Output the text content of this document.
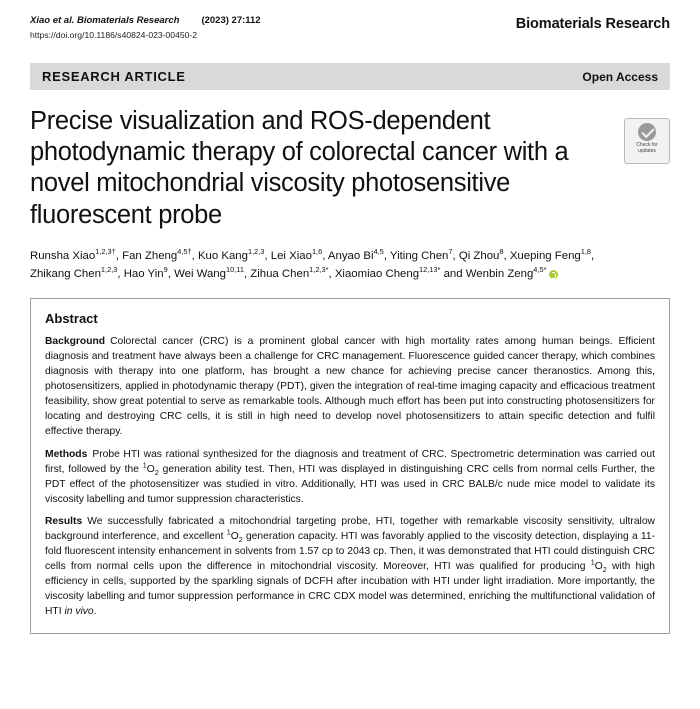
Xiao et al. Biomaterials Research (2023) 27:112
https://doi.org/10.1186/s40824-023-00450-2
Biomaterials Research
RESEARCH ARTICLE	Open Access
Precise visualization and ROS-dependent photodynamic therapy of colorectal cancer with a novel mitochondrial viscosity photosensitive fluorescent probe
Check for
updates
Runsha Xiao$^{1,2,3\dagger}$, Fan Zheng$^{4,5\dagger}$, Kuo Kang$^{1,2,3}$, Lei Xiao$^{1,6}$, Anyao Bi$^{4,5}$, Yiting Chen$^7$, Qi Zhou$^8$, Xueping Feng$^{1,8}$,
Zhikang Chen$^{1,2,3}$, Hao Yin$^9$, Wei Wang$^{10,11}$, Zihua Chen$^{1,2,3*}$, Xiaomiao Cheng$^{12,13*}$ and Wenbin Zeng$^{4,5*}$
Abstract
Background Colorectal cancer (CRC) is a prominent global cancer with high mortality rates among human beings. Efficient diagnosis and treatment have always been a challenge for CRC management. Fluorescence guided cancer therapy, which combines diagnosis with therapy into one platform, has brought a new chance for achieving precise cancer theranostics. Among this, photosensitizers, applied in photodynamic therapy (PDT), given the integration of real-time imaging capacity and efficacious treatment feasibility, show great potential to serve as remarkable tools. Although much effort has been put into constructing photosensitizers for locating and destroying CRC cells, it is still in high need to develop novel photosensitizers to attain specific detection and fulfil effective therapy.
Methods Probe HTI was rational synthesized for the diagnosis and treatment of CRC. Spectrometric determination was carried out first, followed by the $^1O_2$ generation ability test. Then, HTI was displayed in distinguishing CRC cells from normal cells Further, the PDT effect of the photosensitizer was studied in vitro. Additionally, HTI was used in CRC BALB/c nude mice model to validate its viscosity labelling and tumor suppression characteristics.
Results We successfully fabricated a mitochondrial targeting probe, HTI, together with remarkable viscosity sensitivity, ultralow background interference, and excellent $^1O_2$ generation capacity. HTI was favorably applied to the viscosity detection, displaying a 11-fold fluorescent intensity enhancement in solvents from 1.57 cp to 2043 cp. Then, it was demonstrated that HTI could distinguish CRC cells from normal cells upon the difference in mitochondrial viscosity. Moreover, HTI was qualified for producing $^1O_2$ with high efficiency in cells, supported by the sparkling signals of DCFH after incubation with HTI under light irradiation. More importantly, the viscosity labelling and tumor suppression performance in CRC CDX model was determined, enriching the multifunctional validation of HTI in vivo.
